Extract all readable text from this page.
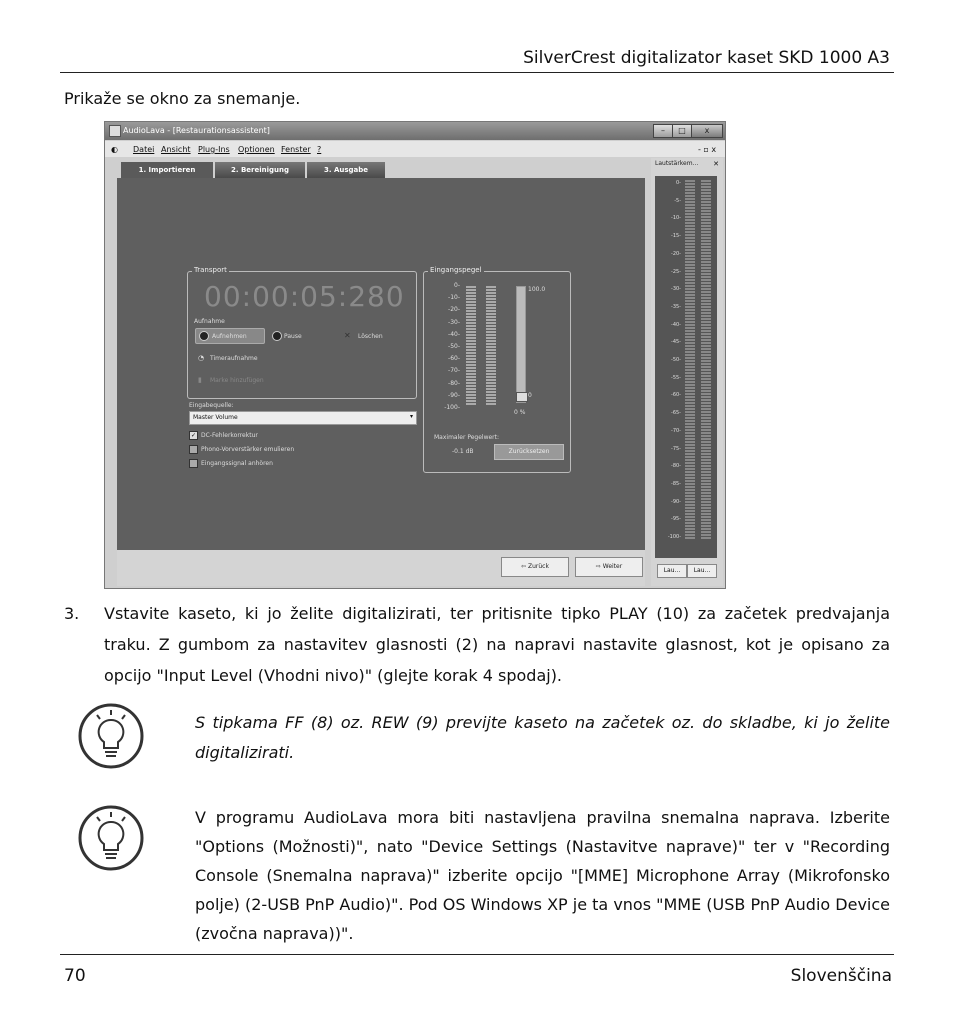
SilverCrest digitalizator kaset SKD 1000 A3
Prikaže se okno za snemanje.
AudioLava - [Restaurationsassistent]	–	□	x
◐ Datei Ansicht Plug-Ins Optionen Fenster ?	- ▫ x
1. Importieren	2. Bereinigung	3. Ausgabe
Transport
00:00:05:280
Aufnahme
Aufnehmen	Pause	✕ Löschen
◔ Timeraufnahme
▮ Marke hinzufügen
Eingabequelle:
Master Volume	▾
✓ DC-Fehlerkorrektur
Phono-Vorverstärker emulieren
Eingangssignal anhören
Eingangspegel
0-
-10-
-20-
-30-
-40-
-50-
-60-
-70-
-80-
-90-
-100-
100.0
0
0 %
Maximaler Pegelwert:
-0.1 dB	Zurücksetzen
⇦ Zurück	⇨ Weiter
Lautstärkem... ✕
0-
-5-
-10-
-15-
-20-
-25-
-30-
-35-
-40-
-45-
-50-
-55-
-60-
-65-
-70-
-75-
-80-
-85-
-90-
-95-
-100-
Lau...	Lau...
3. Vstavite kaseto, ki jo želite digitalizirati, ter pritisnite tipko PLAY (10) za začetek predvajanja traku. Z gumbom za nastavitev glasnosti (2) na napravi nastavite glasnost, kot je opisano za opcijo "Input Level (Vhodni nivo)" (glejte korak 4 spodaj).
S tipkama FF (8) oz. REW (9) previjte kaseto na začetek oz. do skladbe, ki jo želite digitalizirati.
V programu AudioLava mora biti nastavljena pravilna snemalna naprava. Izberite "Options (Možnosti)", nato "Device Settings (Nastavitve naprave)" ter v "Recording Console (Snemalna naprava)" izberite opcijo "[MME] Microphone Array (Mikrofonsko polje) (2-USB PnP Audio)". Pod OS Windows XP je ta vnos "MME (USB PnP Audio Device (zvočna naprava))".
70	Slovenščina
